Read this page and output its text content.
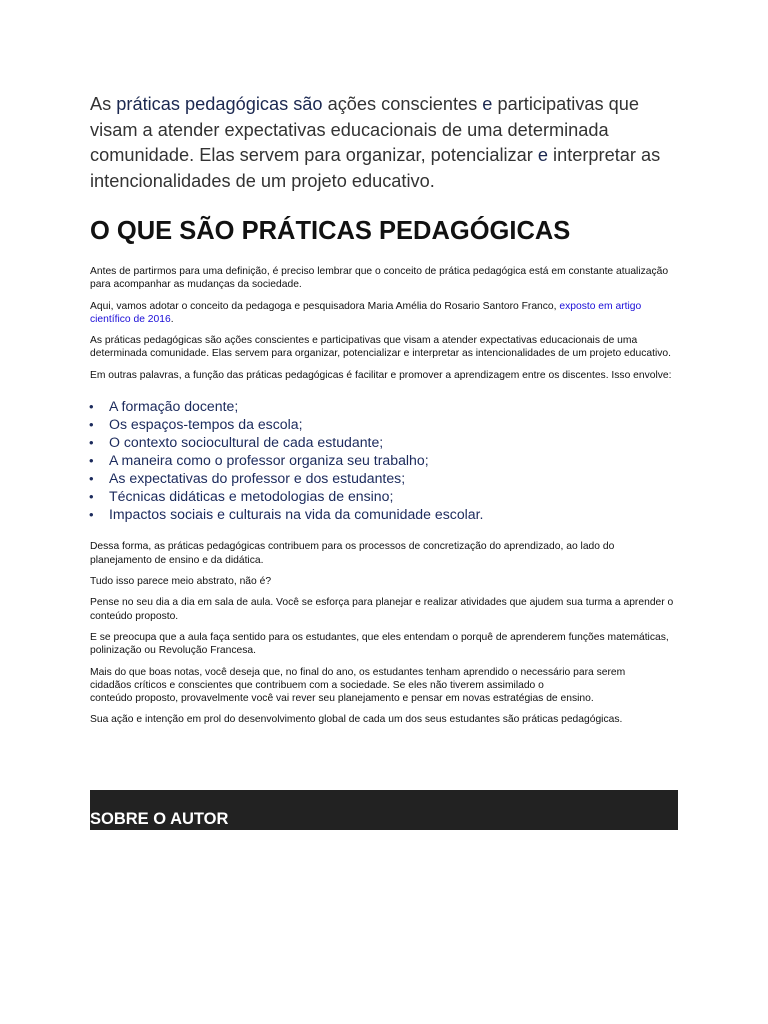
As práticas pedagógicas são ações conscientes e participativas que visam a atender expectativas educacionais de uma determinada comunidade. Elas servem para organizar, potencializar e interpretar as intencionalidades de um projeto educativo.

O QUE SÃO PRÁTICAS PEDAGÓGICAS

Antes de partirmos para uma definição, é preciso lembrar que o conceito de prática pedagógica está em constante atualização para acompanhar as mudanças da sociedade.

Aqui, vamos adotar o conceito da pedagoga e pesquisadora Maria Amélia do Rosario Santoro Franco, exposto em artigo científico de 2016.

As práticas pedagógicas são ações conscientes e participativas que visam a atender expectativas educacionais de uma determinada comunidade. Elas servem para organizar, potencializar e interpretar as intencionalidades de um projeto educativo.

Em outras palavras, a função das práticas pedagógicas é facilitar e promover a aprendizagem entre os discentes. Isso envolve:

• A formação docente;
• Os espaços-tempos da escola;
• O contexto sociocultural de cada estudante;
• A maneira como o professor organiza seu trabalho;
• As expectativas do professor e dos estudantes;
• Técnicas didáticas e metodologias de ensino;
• Impactos sociais e culturais na vida da comunidade escolar.

Dessa forma, as práticas pedagógicas contribuem para os processos de concretização do aprendizado, ao lado do planejamento de ensino e da didática.

Tudo isso parece meio abstrato, não é?

Pense no seu dia a dia em sala de aula. Você se esforça para planejar e realizar atividades que ajudem sua turma a aprender o conteúdo proposto.

E se preocupa que a aula faça sentido para os estudantes, que eles entendam o porquê de aprenderem funções matemáticas, polinização ou Revolução Francesa.

Mais do que boas notas, você deseja que, no final do ano, os estudantes tenham aprendido o necessário para serem
cidadãos críticos e conscientes que contribuem com a sociedade. Se eles não tiverem assimilado o
conteúdo proposto, provavelmente você vai rever seu planejamento e pensar em novas estratégias de ensino.

Sua ação e intenção em prol do desenvolvimento global de cada um dos seus estudantes são práticas pedagógicas.

SOBRE O AUTOR
